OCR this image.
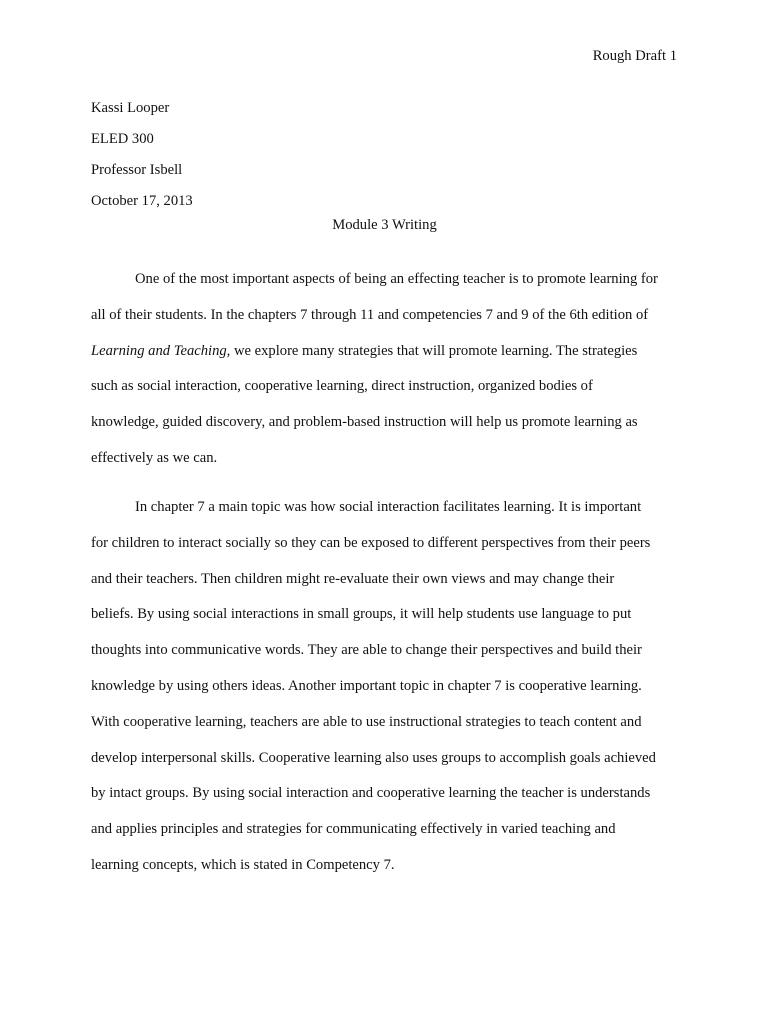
Rough Draft 1
Kassi Looper
ELED 300
Professor Isbell
October 17, 2013
Module 3 Writing
One of the most important aspects of being an effecting teacher is to promote learning for
all of their students. In the chapters 7 through 11 and competencies 7 and 9 of the 6th edition of
Learning and Teaching, we explore many strategies that will promote learning. The strategies
such as social interaction, cooperative learning, direct instruction, organized bodies of
knowledge, guided discovery, and problem-based instruction will help us promote learning as
effectively as we can.
In chapter 7 a main topic was how social interaction facilitates learning. It is important
for children to interact socially so they can be exposed to different perspectives from their peers
and their teachers. Then children might re-evaluate their own views and may change their
beliefs. By using social interactions in small groups, it will help students use language to put
thoughts into communicative words. They are able to change their perspectives and build their
knowledge by using others ideas. Another important topic in chapter 7 is cooperative learning.
With cooperative learning, teachers are able to use instructional strategies to teach content and
develop interpersonal skills. Cooperative learning also uses groups to accomplish goals achieved
by intact groups. By using social interaction and cooperative learning the teacher is understands
and applies principles and strategies for communicating effectively in varied teaching and
learning concepts, which is stated in Competency 7.
